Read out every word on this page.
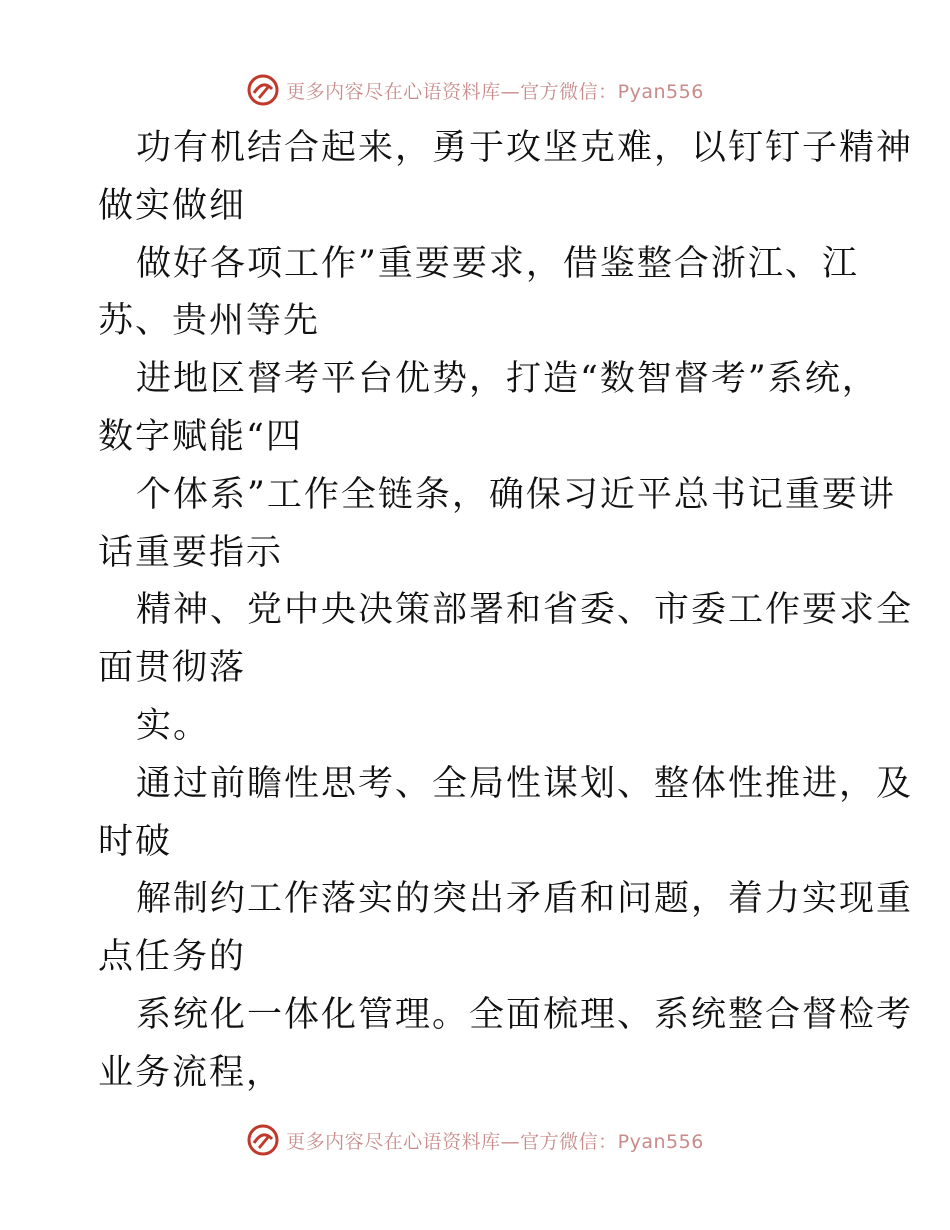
更多内容尽在心语资料库—官方微信：Pyan556
功有机结合起来，勇于攻坚克难，以钉钉子精神
做实做细
做好各项工作”重要要求，借鉴整合浙江、江
苏、贵州等先
进地区督考平台优势，打造“数智督考”系统，
数字赋能“四
个体系”工作全链条，确保习近平总书记重要讲
话重要指示
精神、党中央决策部署和省委、市委工作要求全
面贯彻落
实。
通过前瞻性思考、全局性谋划、整体性推进，及
时破
解制约工作落实的突出矛盾和问题，着力实现重
点任务的
系统化一体化管理。全面梳理、系统整合督检考
业务流程，
更多内容尽在心语资料库—官方微信：Pyan556
